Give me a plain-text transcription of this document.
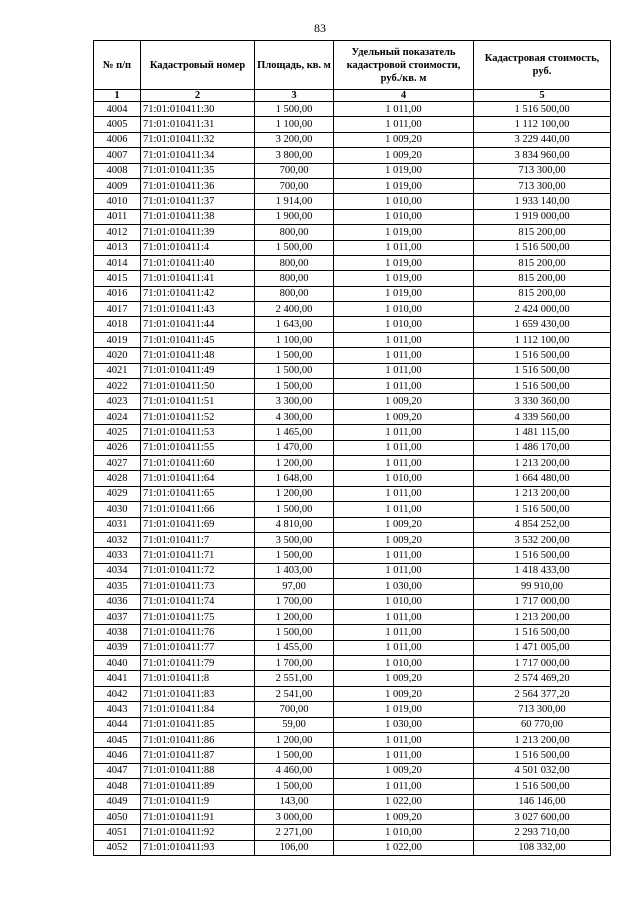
83
№ п/п	Кадастровый номер	Площадь, кв. м	Удельный показатель кадастровой стоимости, руб./кв. м	Кадастровая стоимость, руб.
1	2	3	4	5
4004	71:01:010411:30	1 500,00	1 011,00	1 516 500,00
4005	71:01:010411:31	1 100,00	1 011,00	1 112 100,00
4006	71:01:010411:32	3 200,00	1 009,20	3 229 440,00
4007	71:01:010411:34	3 800,00	1 009,20	3 834 960,00
4008	71:01:010411:35	700,00	1 019,00	713 300,00
4009	71:01:010411:36	700,00	1 019,00	713 300,00
4010	71:01:010411:37	1 914,00	1 010,00	1 933 140,00
4011	71:01:010411:38	1 900,00	1 010,00	1 919 000,00
4012	71:01:010411:39	800,00	1 019,00	815 200,00
4013	71:01:010411:4	1 500,00	1 011,00	1 516 500,00
4014	71:01:010411:40	800,00	1 019,00	815 200,00
4015	71:01:010411:41	800,00	1 019,00	815 200,00
4016	71:01:010411:42	800,00	1 019,00	815 200,00
4017	71:01:010411:43	2 400,00	1 010,00	2 424 000,00
4018	71:01:010411:44	1 643,00	1 010,00	1 659 430,00
4019	71:01:010411:45	1 100,00	1 011,00	1 112 100,00
4020	71:01:010411:48	1 500,00	1 011,00	1 516 500,00
4021	71:01:010411:49	1 500,00	1 011,00	1 516 500,00
4022	71:01:010411:50	1 500,00	1 011,00	1 516 500,00
4023	71:01:010411:51	3 300,00	1 009,20	3 330 360,00
4024	71:01:010411:52	4 300,00	1 009,20	4 339 560,00
4025	71:01:010411:53	1 465,00	1 011,00	1 481 115,00
4026	71:01:010411:55	1 470,00	1 011,00	1 486 170,00
4027	71:01:010411:60	1 200,00	1 011,00	1 213 200,00
4028	71:01:010411:64	1 648,00	1 010,00	1 664 480,00
4029	71:01:010411:65	1 200,00	1 011,00	1 213 200,00
4030	71:01:010411:66	1 500,00	1 011,00	1 516 500,00
4031	71:01:010411:69	4 810,00	1 009,20	4 854 252,00
4032	71:01:010411:7	3 500,00	1 009,20	3 532 200,00
4033	71:01:010411:71	1 500,00	1 011,00	1 516 500,00
4034	71:01:010411:72	1 403,00	1 011,00	1 418 433,00
4035	71:01:010411:73	97,00	1 030,00	99 910,00
4036	71:01:010411:74	1 700,00	1 010,00	1 717 000,00
4037	71:01:010411:75	1 200,00	1 011,00	1 213 200,00
4038	71:01:010411:76	1 500,00	1 011,00	1 516 500,00
4039	71:01:010411:77	1 455,00	1 011,00	1 471 005,00
4040	71:01:010411:79	1 700,00	1 010,00	1 717 000,00
4041	71:01:010411:8	2 551,00	1 009,20	2 574 469,20
4042	71:01:010411:83	2 541,00	1 009,20	2 564 377,20
4043	71:01:010411:84	700,00	1 019,00	713 300,00
4044	71:01:010411:85	59,00	1 030,00	60 770,00
4045	71:01:010411:86	1 200,00	1 011,00	1 213 200,00
4046	71:01:010411:87	1 500,00	1 011,00	1 516 500,00
4047	71:01:010411:88	4 460,00	1 009,20	4 501 032,00
4048	71:01:010411:89	1 500,00	1 011,00	1 516 500,00
4049	71:01:010411:9	143,00	1 022,00	146 146,00
4050	71:01:010411:91	3 000,00	1 009,20	3 027 600,00
4051	71:01:010411:92	2 271,00	1 010,00	2 293 710,00
4052	71:01:010411:93	106,00	1 022,00	108 332,00
